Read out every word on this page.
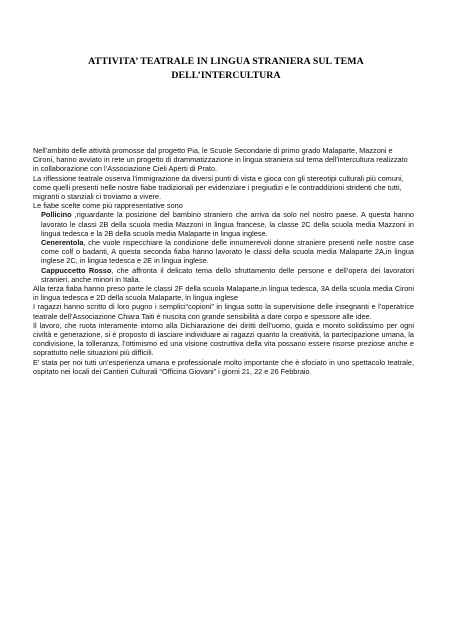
ATTIVITA’ TEATRALE IN LINGUA STRANIERA SUL TEMA
DELL’INTERCULTURA

Nell’ambito delle attività promosse dal progetto Pia, le Scuole Secondarie di primo grado Malaparte, Mazzoni e Cironi, hanno avviato in rete un progetto di drammatizzazione in lingua straniera sul tema dell’intercultura realizzato in collaborazione con l’Associazione Cieli Aperti di Prato.

La riflessione teatrale osserva l’immigrazione da diversi punti di vista e gioca con gli stereotipi culturali più comuni, come quelli presenti nelle nostre fiabe tradizionali per evidenziare i pregiudizi e le contraddizioni stridenti che tutti, migranti o stanziali ci troviamo a vivere.

Le fiabe scelte come più rappresentative sono

Pollicino ,riguardante la posizione del bambino straniero che arriva da solo nel nostro paese. A questa hanno lavorato le classi 2B della scuola media Mazzoni in lingua francese, la classe 2C della scuola media Mazzoni in lingua tedesca e la 2B della scuola media Malaparte in lingua inglese.

Cenerentola, che vuole rispecchiare la condizione delle innumerevoli donne straniere presenti nelle nostre case come colf o badanti, A questa seconda fiaba hanno lavorato le classi della scuola media Malaparte 2A,in lingua inglese 2C, in lingua tedesca e 2E in lingua inglese.

Cappuccetto Rosso, che affronta il delicato tema dello sfruttamento delle persone e dell’opera dei lavoratori stranieri, anche minori in Italia.

Alla terza fiaba hanno preso parte le classi 2F della scuola Malaparte,in lingua tedesca, 3A della scuola media Cironi in lingua tedesca e 2D della scuola Malaparte, in lingua inglese

I ragazzi hanno scritto di loro pugno i semplici“copioni” in lingua sotto la supervisione delle insegnanti e l’operatrice teatrale dell’Associazione Chiara Taiti è riuscita con grande sensibilità a dare corpo e spessore alle idee.

Il lavoro, che ruota interamente intorno alla Dichiarazione dei diritti dell’uomo, guida e monito solidissimo per ogni civiltà e generazione, si è proposto di lasciare individuare ai ragazzi quanto la creatività, la partecipazione umana, la condivisione, la tolleranza, l’ottimismo ed una visione costruttiva della vita possano essere risorse preziose anche e soprattutto nelle situazioni più difficili.

E’ stata per noi tutti un’esperienza umana e professionale molto importante che è sfociato in uno spettacolo teatrale, ospitato nei locali dei Cantieri Culturali “Officina Giovani” i giorni 21, 22 e 26 Febbraio.
